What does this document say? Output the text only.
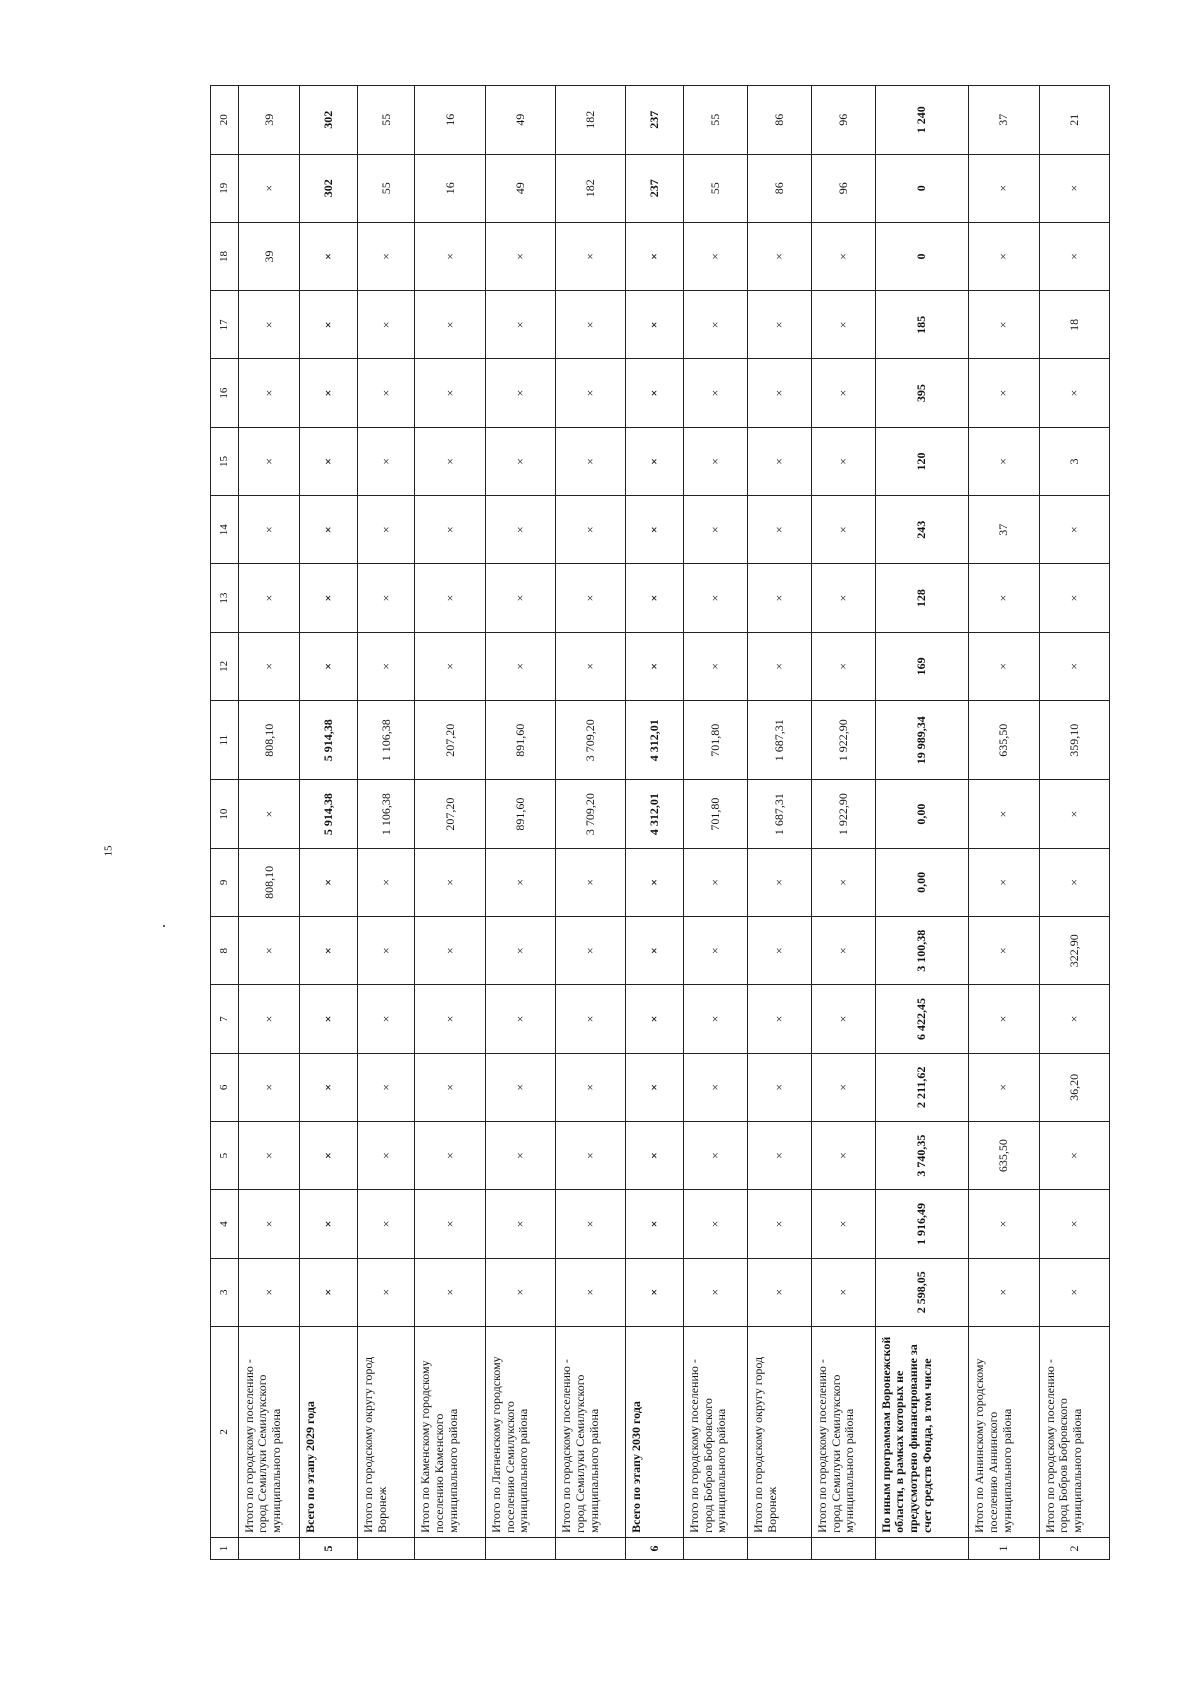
15
1	2	3	4	5	6	7	8	9	10	11	12	13	14	15	16	17	18	19	20
	Итого по городскому поселению - город Семилуки Семилукского муниципального района	×	×	×	×	×	×	808,10	×	808,10	×	×	×	×	×	×	39	×	39
5	Всего по этапу 2029 года	×	×	×	×	×	×	×	5 914,38	5 914,38	×	×	×	×	×	×	×	302	302
	Итого по городскому округу город Воронеж	×	×	×	×	×	×	×	1 106,38	1 106,38	×	×	×	×	×	×	×	55	55
	Итого по Каменскому городскому поселению Каменского муниципального района	×	×	×	×	×	×	×	207,20	207,20	×	×	×	×	×	×	×	16	16
	Итого по Латненскому городскому поселению Семилукского муниципального района	×	×	×	×	×	×	×	891,60	891,60	×	×	×	×	×	×	×	49	49
	Итого по городскому поселению - город Семилуки Семилукского муниципального района	×	×	×	×	×	×	×	3 709,20	3 709,20	×	×	×	×	×	×	×	182	182
6	Всего по этапу 2030 года	×	×	×	×	×	×	×	4 312,01	4 312,01	×	×	×	×	×	×	×	237	237
	Итого по городскому поселению - город Бобров Бобровского муниципального района	×	×	×	×	×	×	×	701,80	701,80	×	×	×	×	×	×	×	55	55
	Итого по городскому округу город Воронеж	×	×	×	×	×	×	×	1 687,31	1 687,31	×	×	×	×	×	×	×	86	86
	Итого по городскому поселению - город Семилуки Семилукского муниципального района	×	×	×	×	×	×	×	1 922,90	1 922,90	×	×	×	×	×	×	×	96	96
	По иным программам Воронежской области, в рамках которых не предусмотрено финансирование за счет средств Фонда, в том числе	2 598,05	1 916,49	3 740,35	2 211,62	6 422,45	3 100,38	0,00	0,00	19 989,34	169	128	243	120	395	185	0	0	1 240
1	Итого по Аннинскому городскому поселению Аннинского муниципального района	×	×	635,50	×	×	×	×	×	635,50	×	×	37	×	×	×	×	×	37
2	Итого по городскому поселению - город Бобров Бобровского муниципального района	×	×	×	36,20	×	322,90	×	×	359,10	×	×	×	3	×	18	×	×	21
